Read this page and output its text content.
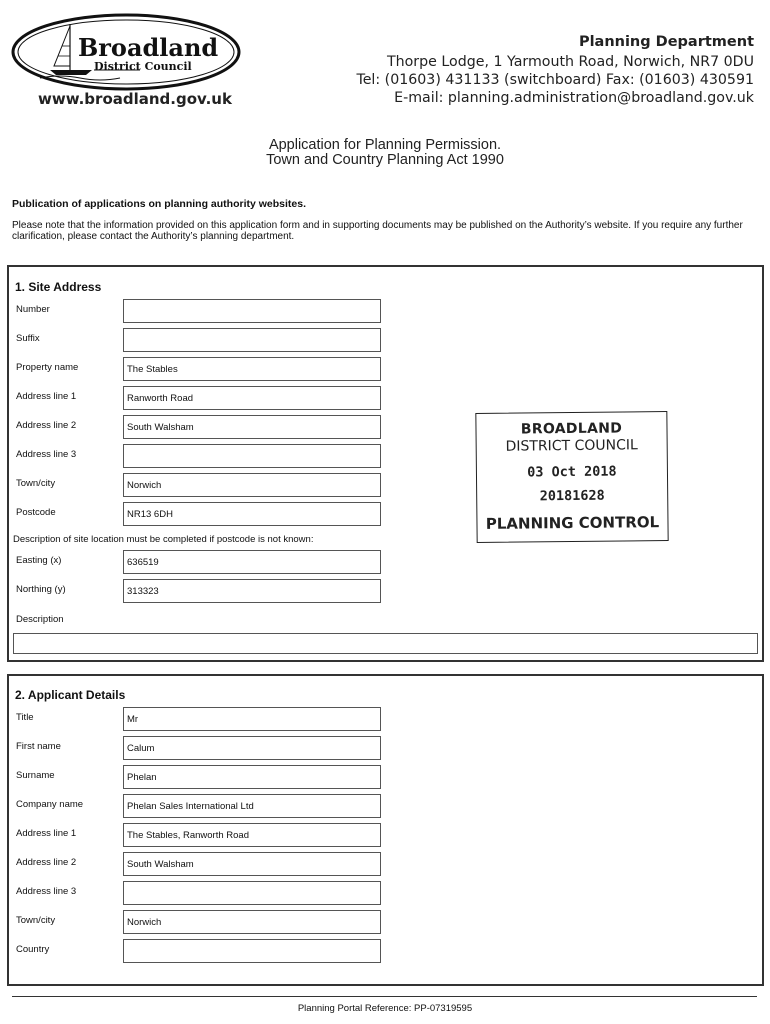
Broadland
District Council
www.broadland.gov.uk
Planning Department
Thorpe Lodge, 1 Yarmouth Road, Norwich, NR7 0DU
Tel: (01603) 431133 (switchboard) Fax: (01603) 430591
E-mail: planning.administration@broadland.gov.uk
Application for Planning Permission.
Town and Country Planning Act 1990
Publication of applications on planning authority websites.
Please note that the information provided on this application form and in supporting documents may be published on the Authority’s website. If you require any further clarification, please contact the Authority’s planning department.
1. Site Address
Number
Suffix
Property name	The Stables
Address line 1	Ranworth Road
Address line 2	South Walsham
Address line 3
Town/city	Norwich
Postcode	NR13 6DH
Description of site location must be completed if postcode is not known:
Easting (x)	636519
Northing (y)	313323
Description
BROADLAND
DISTRICT COUNCIL
03 Oct 2018
20181628
PLANNING CONTROL
2. Applicant Details
Title	Mr
First name	Calum
Surname	Phelan
Company name	Phelan Sales International Ltd
Address line 1	The Stables, Ranworth Road
Address line 2	South Walsham
Address line 3
Town/city	Norwich
Country
Planning Portal Reference: PP-07319595
